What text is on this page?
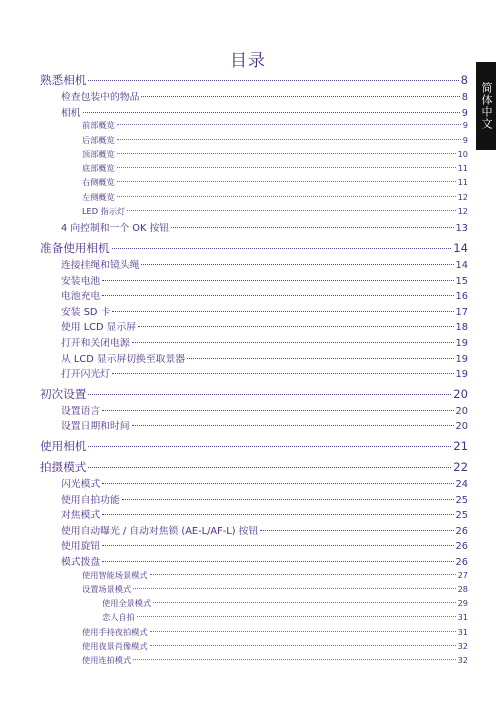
目录
简体中文
熟悉相机	8
检查包装中的物品	8
相机	9
前部概览	9
后部概览	9
顶部概览	10
底部概览	11
右侧概览	11
左侧概览	12
LED 指示灯	12
4 向控制和一个 OK 按钮	13
准备使用相机	14
连接挂绳和镜头绳	14
安装电池	15
电池充电	16
安装 SD 卡	17
使用 LCD 显示屏	18
打开和关闭电源	19
从 LCD 显示屏切换至取景器	19
打开闪光灯	19
初次设置	20
设置语言	20
设置日期和时间	20
使用相机	21
拍摄模式	22
闪光模式	24
使用自拍功能	25
对焦模式	25
使用自动曝光 / 自动对焦锁 (AE-L/AF-L) 按钮	26
使用旋钮	26
模式拨盘	26
使用智能场景模式	27
设置场景模式	28
使用全景模式	29
恋人自拍	31
使用手持夜拍模式	31
使用夜景肖像模式	32
使用连拍模式	32
